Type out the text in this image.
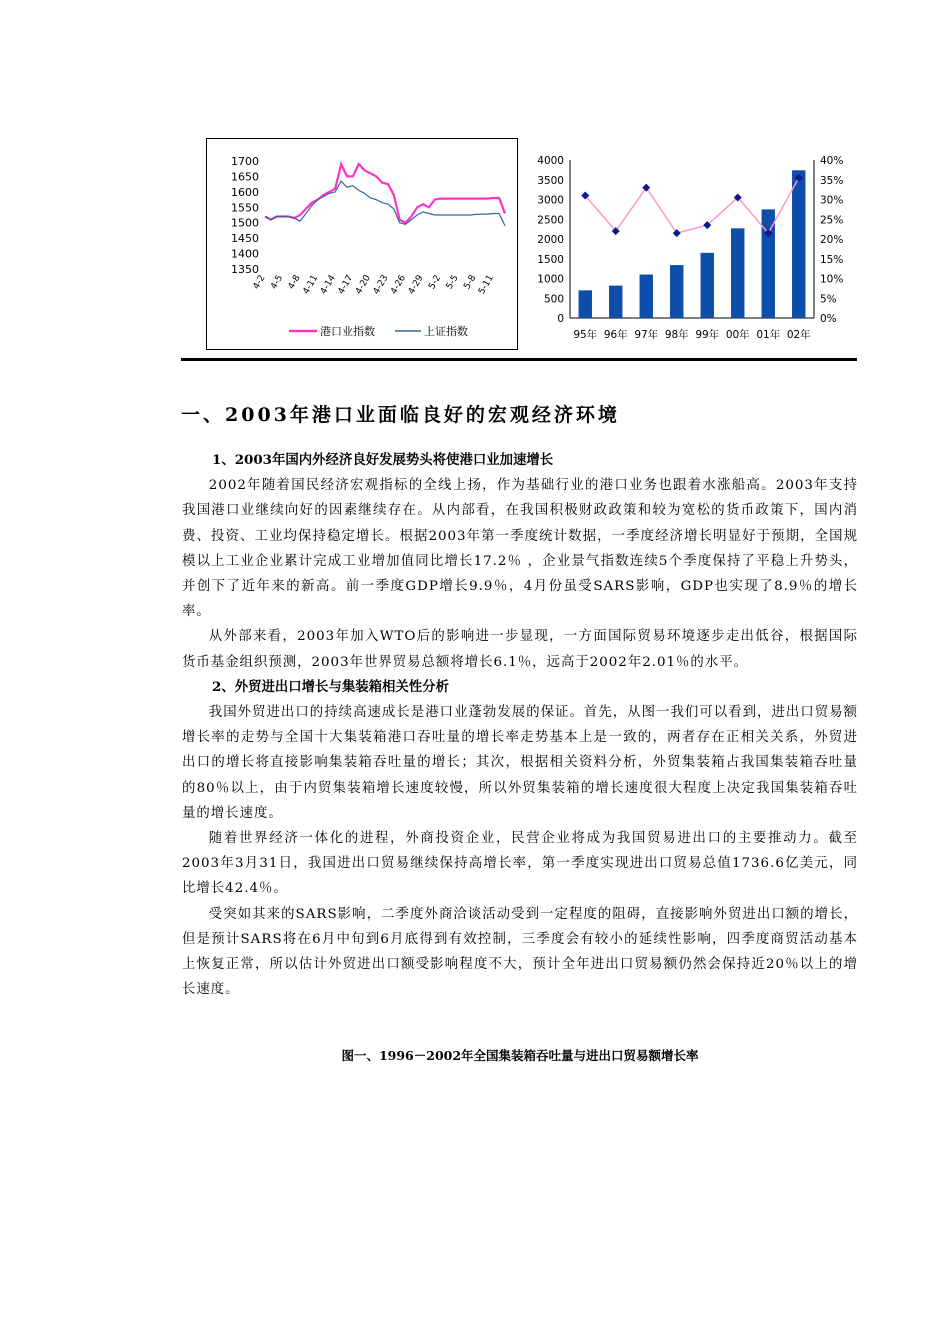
1700
1650
1600
1550
1500
1450
1400
1350
4-2 4-5 4-8
4-11
4-14
4-17
4-20
4-23
4-26
4-29 5-2 5-5 5-8
5-11
港口业指数	上证指数
4000
3500
3000
2500
2000
1500
1000
500
0
40%
35%
30%
25%
20%
15%
10%
5%
0%
95年 96年 97年 98年 99年 00年 01年 02年
一、2003年港口业面临良好的宏观经济环境

1、2003年国内外经济良好发展势头将使港口业加速增长

2002年随着国民经济宏观指标的全线上扬，作为基础行业的港口业务也跟着水涨船高。2003年支持我国港口业继续向好的因素继续存在。从内部看，在我国积极财政政策和较为宽松的货币政策下，国内消费、投资、工业均保持稳定增长。根据2003年第一季度统计数据，一季度经济增长明显好于预期，全国规模以上工业企业累计完成工业增加值同比增长17.2％ ，企业景气指数连续5个季度保持了平稳上升势头，并创下了近年来的新高。前一季度GDP增长9.9％，4月份虽受SARS影响，GDP也实现了8.9％的增长率。

从外部来看，2003年加入WTO后的影响进一步显现，一方面国际贸易环境逐步走出低谷，根据国际货币基金组织预测，2003年世界贸易总额将增长6.1％，远高于2002年2.01％的水平。

2、外贸进出口增长与集装箱相关性分析

我国外贸进出口的持续高速成长是港口业蓬勃发展的保证。首先，从图一我们可以看到，进出口贸易额增长率的走势与全国十大集装箱港口吞吐量的增长率走势基本上是一致的，两者存在正相关关系，外贸进出口的增长将直接影响集装箱吞吐量的增长；其次，根据相关资料分析，外贸集装箱占我国集装箱吞吐量的80％以上，由于内贸集装箱增长速度较慢，所以外贸集装箱的增长速度很大程度上决定我国集装箱吞吐量的增长速度。

随着世界经济一体化的进程，外商投资企业，民营企业将成为我国贸易进出口的主要推动力。截至2003年3月31日，我国进出口贸易继续保持高增长率，第一季度实现进出口贸易总值1736.6亿美元，同比增长42.4％。

受突如其来的SARS影响，二季度外商洽谈活动受到一定程度的阻碍，直接影响外贸进出口额的增长，但是预计SARS将在6月中旬到6月底得到有效控制，三季度会有较小的延续性影响，四季度商贸活动基本上恢复正常，所以估计外贸进出口额受影响程度不大，预计全年进出口贸易额仍然会保持近20％以上的增长速度。

图一、1996－2002年全国集装箱吞吐量与进出口贸易额增长率
